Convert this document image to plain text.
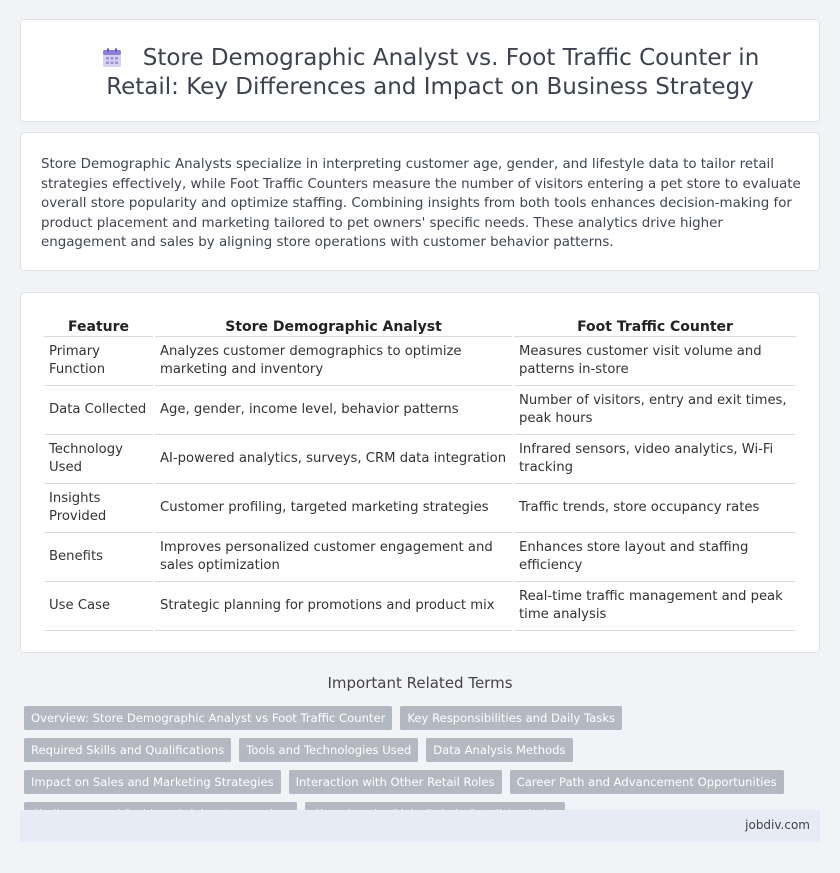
Store Demographic Analyst vs. Foot Traffic Counter in Retail: Key Differences and Impact on Business Strategy

Store Demographic Analysts specialize in interpreting customer age, gender, and lifestyle data to tailor retail strategies effectively, while Foot Traffic Counters measure the number of visitors entering a pet store to evaluate overall store popularity and optimize staffing. Combining insights from both tools enhances decision-making for product placement and marketing tailored to pet owners' specific needs. These analytics drive higher engagement and sales by aligning store operations with customer behavior patterns.

Feature	Store Demographic Analyst	Foot Traffic Counter
Primary Function	Analyzes customer demographics to optimize marketing and inventory	Measures customer visit volume and patterns in-store
Data Collected	Age, gender, income level, behavior patterns	Number of visitors, entry and exit times, peak hours
Technology Used	AI-powered analytics, surveys, CRM data integration	Infrared sensors, video analytics, Wi-Fi tracking
Insights Provided	Customer profiling, targeted marketing strategies	Traffic trends, store occupancy rates
Benefits	Improves personalized customer engagement and sales optimization	Enhances store layout and staffing efficiency
Use Case	Strategic planning for promotions and product mix	Real-time traffic management and peak time analysis
Important Related Terms
Overview: Store Demographic Analyst vs Foot Traffic Counter	Key Responsibilities and Daily Tasks
Required Skills and Qualifications	Tools and Technologies Used	Data Analysis Methods
Impact on Sales and Marketing Strategies	Interaction with Other Retail Roles	Career Path and Advancement Opportunities
jobdiv.com
